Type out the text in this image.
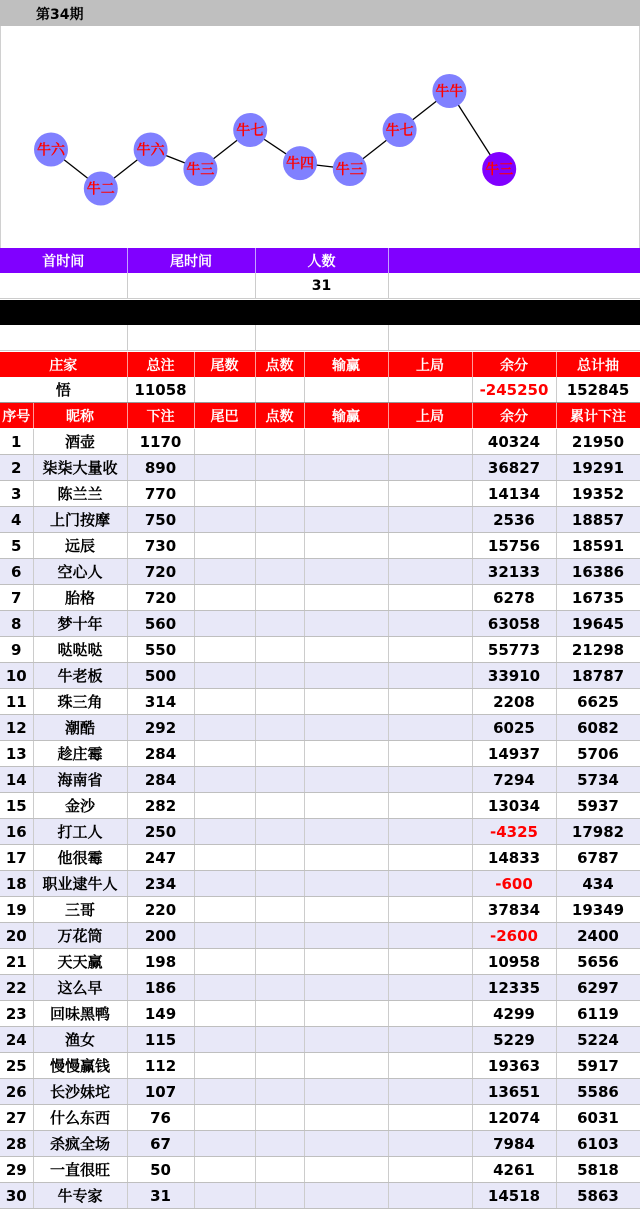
第34期
牛六
牛二
牛六
牛三
牛七
牛四 牛三
牛七
牛牛
牛三
首时间	尾时间	人数	
		31	

庄家	总注	尾数	点数	输赢	上局	余分	总计抽
悟	11058					-245250	152845
序号	昵称	下注	尾巴	点数	输赢	上局	余分	累计下注
1	酒壶	1170					40324	21950
2	柒柒大量收	890					36827	19291
3	陈兰兰	770					14134	19352
4	上门按摩	750					2536	18857
5	远辰	730					15756	18591
6	空心人	720					32133	16386
7	胎格	720					6278	16735
8	梦十年	560					63058	19645
9	哒哒哒	550					55773	21298
10	牛老板	500					33910	18787
11	珠三角	314					2208	6625
12	潮酷	292					6025	6082
13	趁庄霉	284					14937	5706
14	海南省	284					7294	5734
15	金沙	282					13034	5937
16	打工人	250					-4325	17982
17	他很霉	247					14833	6787
18	职业逮牛人	234					-600	434
19	三哥	220					37834	19349
20	万花筒	200					-2600	2400
21	天天赢	198					10958	5656
22	这么早	186					12335	6297
23	回味黑鸭	149					4299	6119
24	渔女	115					5229	5224
25	慢慢赢钱	112					19363	5917
26	长沙妹坨	107					13651	5586
27	什么东西	76					12074	6031
28	杀疯全场	67					7984	6103
29	一直很旺	50					4261	5818
30	牛专家	31					14518	5863
